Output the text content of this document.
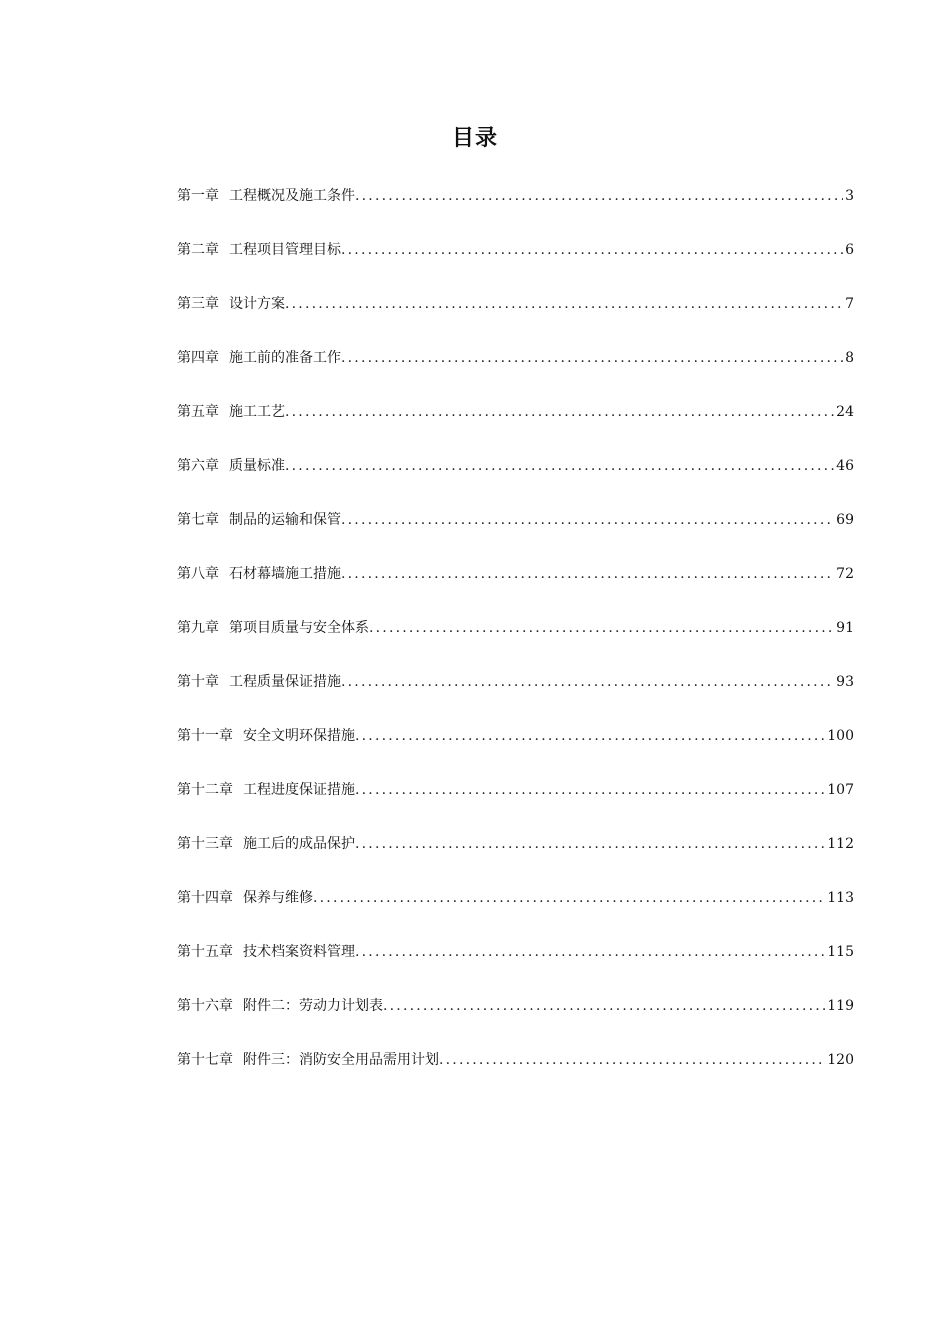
目录
第一章 工程概况及施工条件 .....	3
第二章 工程项目管理目标 .....	6
第三章 设计方案 .....	7
第四章 施工前的准备工作 .....	8
第五章 施工工艺 .....	24
第六章 质量标准 .....	46
第七章 制品的运输和保管 .....	69
第八章 石材幕墙施工措施 .....	72
第九章 第项目质量与安全体系 .....	91
第十章 工程质量保证措施 .....	93
第十一章 安全文明环保措施 .....	100
第十二章 工程进度保证措施 .....	107
第十三章 施工后的成品保护 .....	112
第十四章 保养与维修 .....	113
第十五章 技术档案资料管理 .....	115
第十六章 附件二：劳动力计划表 .....	119
第十七章 附件三：消防安全用品需用计划 .....	120
